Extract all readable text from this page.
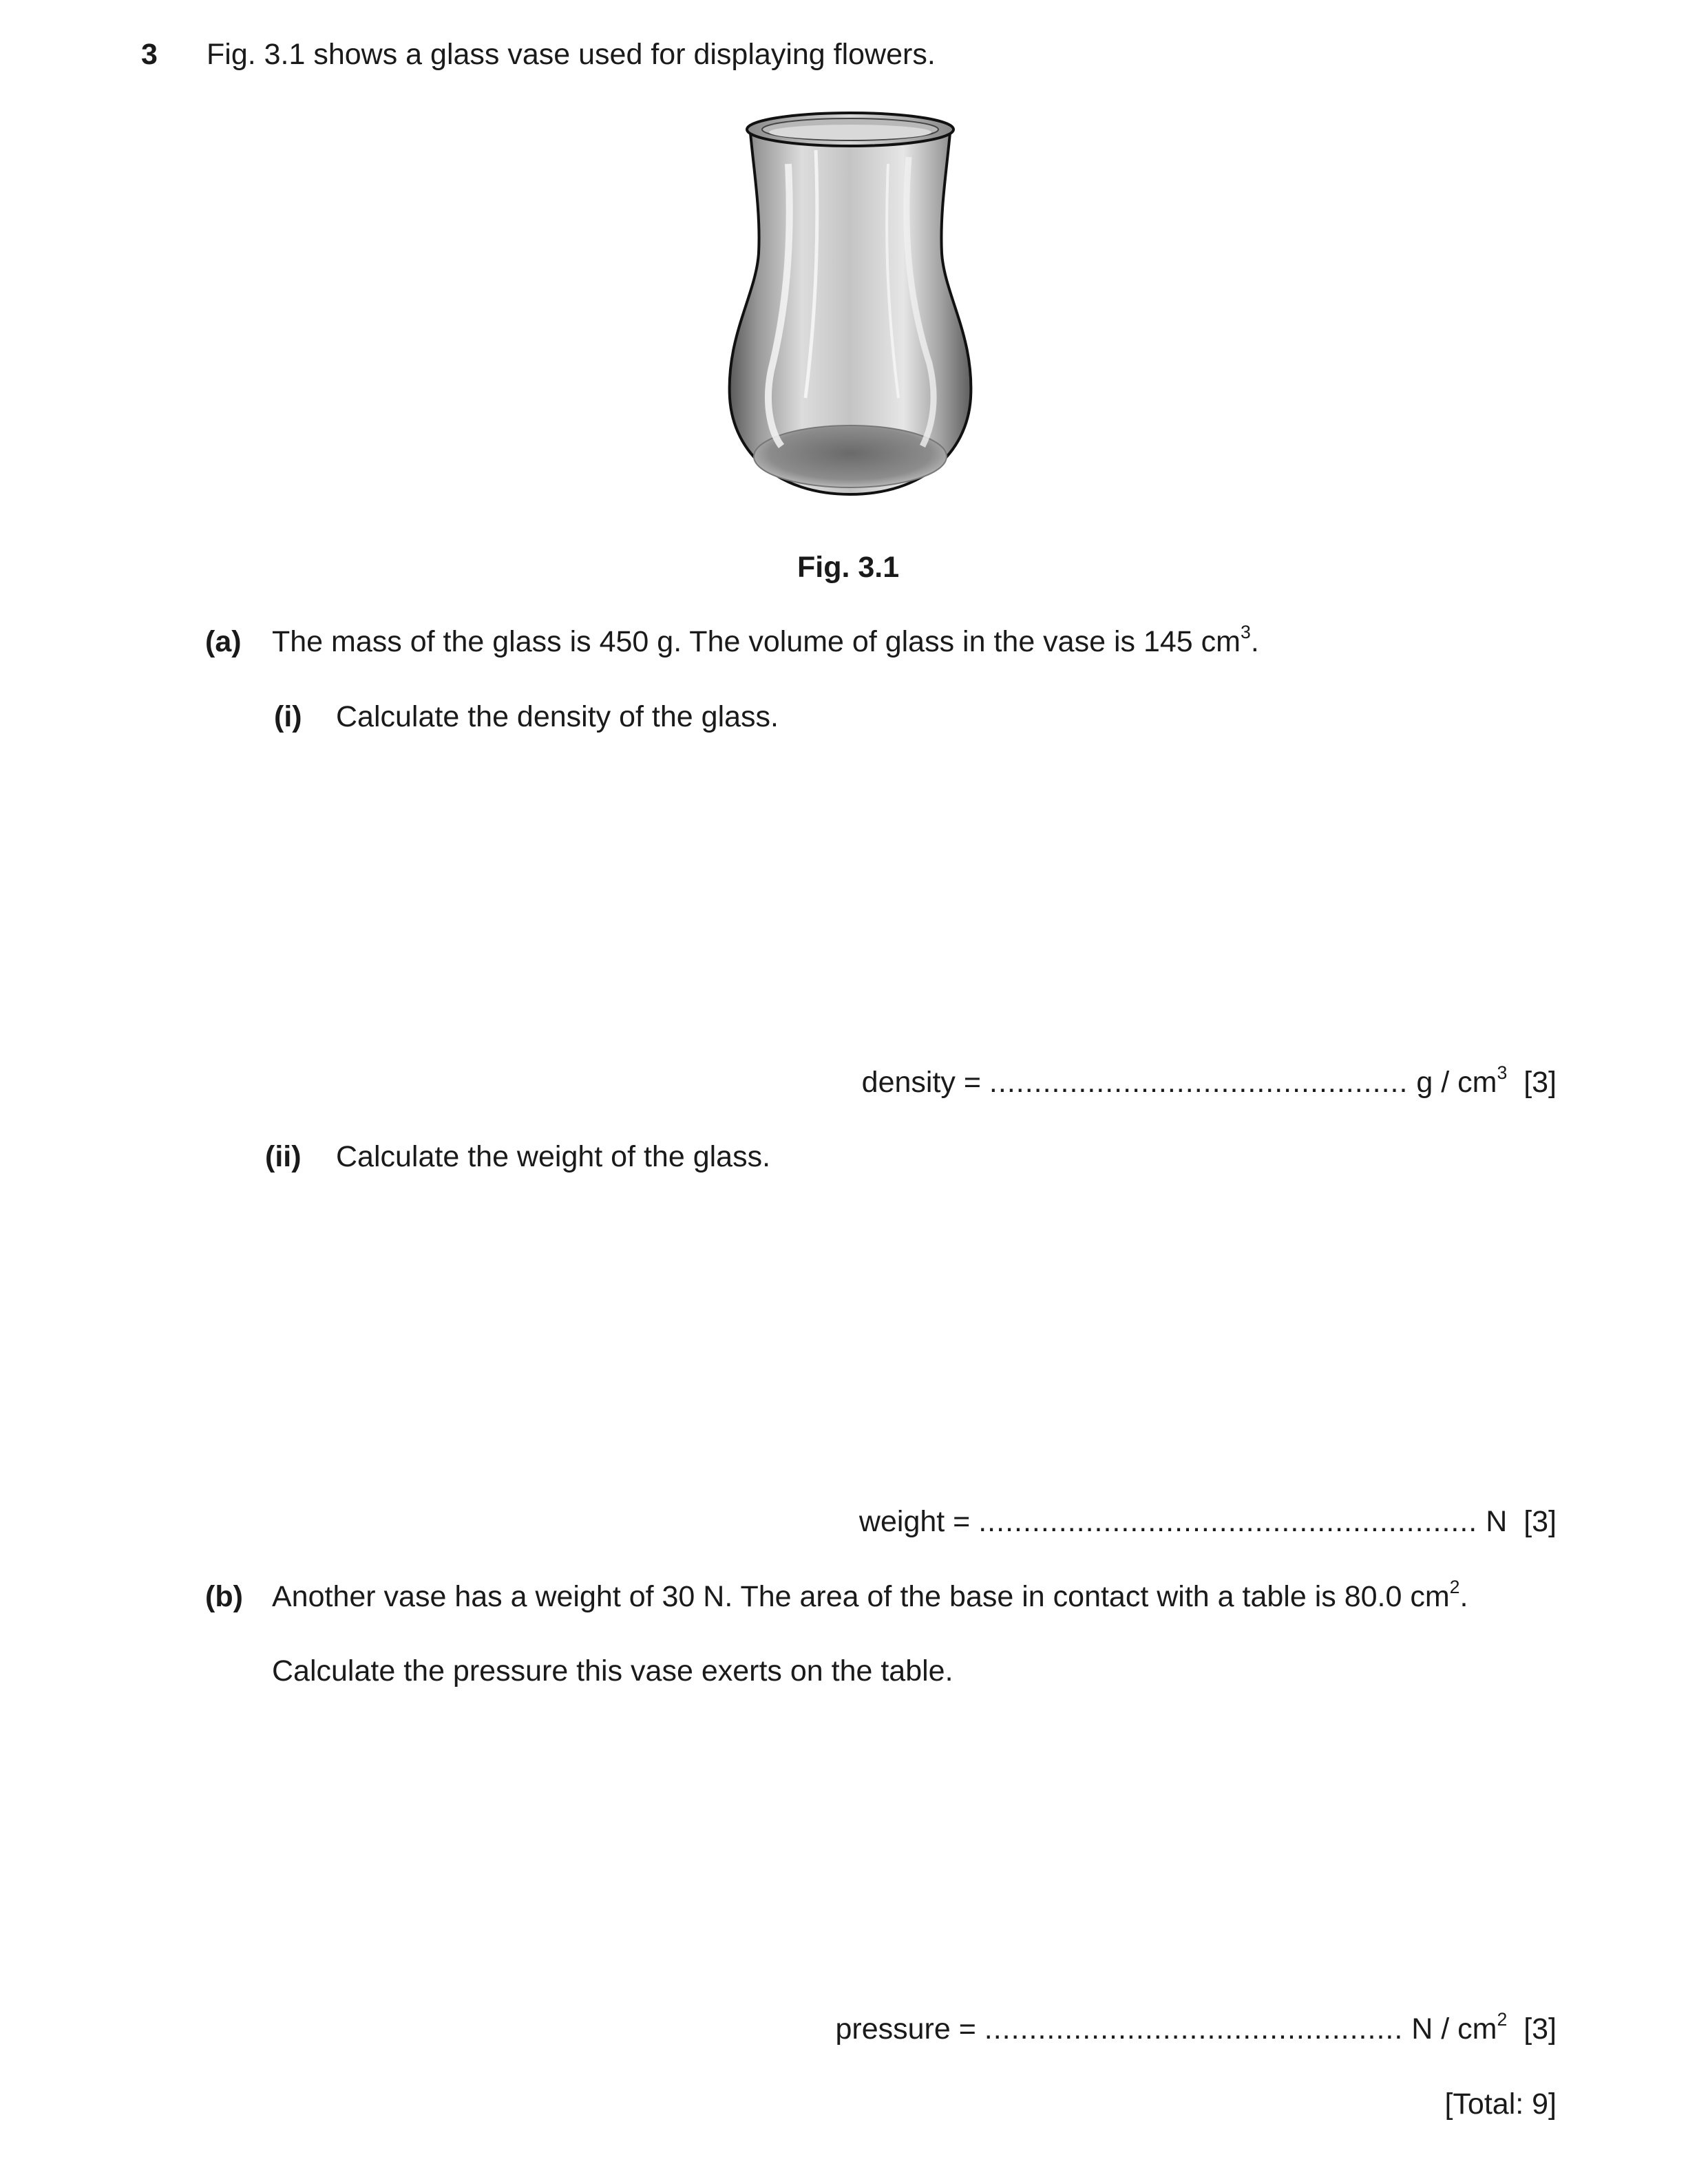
3 Fig. 3.1 shows a glass vase used for displaying flowers.
Fig. 3.1
(a) The mass of the glass is 450 g. The volume of glass in the vase is 145 $cm^3$.
(i) Calculate the density of the glass.
density = ............................................... g / $cm^3$ [3]
(ii) Calculate the weight of the glass.
weight = ........................................................ N [3]
(b) Another vase has a weight of 30 N. The area of the base in contact with a table is 80.0 $cm^2$.
Calculate the pressure this vase exerts on the table.
pressure = ............................................... N / $cm^2$ [3]
[Total: 9]
